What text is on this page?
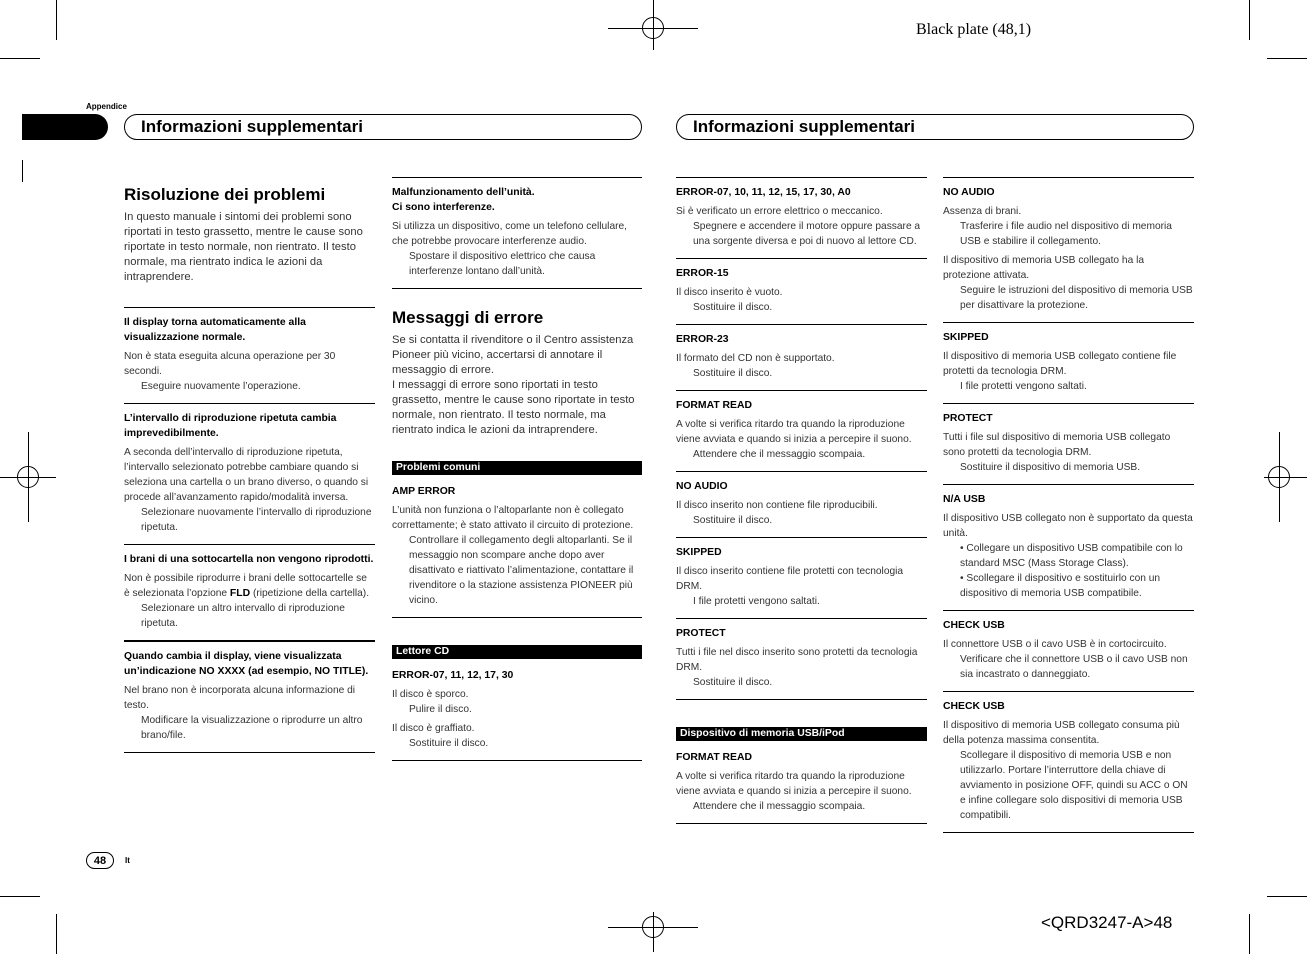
Black plate (48,1)
<QRD3247-A>48
Appendice
Informazioni supplementari	Informazioni supplementari
48	It
Risoluzione dei problemi

In questo manuale i sintomi dei problemi sono riportati in testo grassetto, mentre le cause sono riportate in testo normale, non rientrato. Il testo normale, ma rientrato indica le azioni da intraprendere.

Il display torna automaticamente alla visualizzazione normale.

Non è stata eseguita alcuna operazione per 30 secondi.

Eseguire nuovamente l’operazione.

L’intervallo di riproduzione ripetuta cambia imprevedibilmente.

A seconda dell’intervallo di riproduzione ripetuta, l’intervallo selezionato potrebbe cambiare quando si seleziona una cartella o un brano diverso, o quando si procede all’avanzamento rapido/modalità inversa.

Selezionare nuovamente l’intervallo di riproduzione ripetuta.

I brani di una sottocartella non vengono riprodotti.

Non è possibile riprodurre i brani delle sottocartelle se è selezionata l’opzione FLD (ripetizione della cartella).

Selezionare un altro intervallo di riproduzione ripetuta.

Quando cambia il display, viene visualizzata un’indicazione NO XXXX (ad esempio, NO TITLE).

Nel brano non è incorporata alcuna informazione di testo.

Modificare la visualizzazione o riprodurre un altro brano/file.

Malfunzionamento dell’unità.

Ci sono interferenze.

Si utilizza un dispositivo, come un telefono cellulare, che potrebbe provocare interferenze audio.

Spostare il dispositivo elettrico che causa interferenze lontano dall’unità.

Messaggi di errore

Se si contatta il rivenditore o il Centro assistenza Pioneer più vicino, accertarsi di annotare il messaggio di errore.

I messaggi di errore sono riportati in testo grassetto, mentre le cause sono riportate in testo normale, non rientrato. Il testo normale, ma rientrato indica le azioni da intraprendere.

Problemi comuni

AMP ERROR

L’unità non funziona o l’altoparlante non è collegato correttamente; è stato attivato il circuito di protezione.

Controllare il collegamento degli altoparlanti. Se il messaggio non scompare anche dopo aver disattivato e riattivato l’alimentazione, contattare il rivenditore o la stazione assistenza PIONEER più vicino.

Lettore CD

ERROR-07, 11, 12, 17, 30

Il disco è sporco.

Pulire il disco.

Il disco è graffiato.

Sostituire il disco.

ERROR-07, 10, 11, 12, 15, 17, 30, A0

Si è verificato un errore elettrico o meccanico.

Spegnere e accendere il motore oppure passare a una sorgente diversa e poi di nuovo al lettore CD.

ERROR-15

Il disco inserito è vuoto.

Sostituire il disco.

ERROR-23

Il formato del CD non è supportato.

Sostituire il disco.

FORMAT READ

A volte si verifica ritardo tra quando la riproduzione viene avviata e quando si inizia a percepire il suono.

Attendere che il messaggio scompaia.

NO AUDIO

Il disco inserito non contiene file riproducibili.

Sostituire il disco.

SKIPPED

Il disco inserito contiene file protetti con tecnologia DRM.

I file protetti vengono saltati.

PROTECT

Tutti i file nel disco inserito sono protetti da tecnologia DRM.

Sostituire il disco.

Dispositivo di memoria USB/iPod

FORMAT READ

A volte si verifica ritardo tra quando la riproduzione viene avviata e quando si inizia a percepire il suono.

Attendere che il messaggio scompaia.

NO AUDIO

Assenza di brani.

Trasferire i file audio nel dispositivo di memoria USB e stabilire il collegamento.

Il dispositivo di memoria USB collegato ha la protezione attivata.

Seguire le istruzioni del dispositivo di memoria USB per disattivare la protezione.

SKIPPED

Il dispositivo di memoria USB collegato contiene file protetti da tecnologia DRM.

I file protetti vengono saltati.

PROTECT

Tutti i file sul dispositivo di memoria USB collegato sono protetti da tecnologia DRM.

Sostituire il dispositivo di memoria USB.

N/A USB

Il dispositivo USB collegato non è supportato da questa unità.

• Collegare un dispositivo USB compatibile con lo standard MSC (Mass Storage Class).

• Scollegare il dispositivo e sostituirlo con un dispositivo di memoria USB compatibile.

CHECK USB

Il connettore USB o il cavo USB è in cortocircuito.

Verificare che il connettore USB o il cavo USB non sia incastrato o danneggiato.

CHECK USB

Il dispositivo di memoria USB collegato consuma più della potenza massima consentita.

Scollegare il dispositivo di memoria USB e non utilizzarlo. Portare l’interruttore della chiave di avviamento in posizione OFF, quindi su ACC o ON e infine collegare solo dispositivi di memoria USB compatibili.
